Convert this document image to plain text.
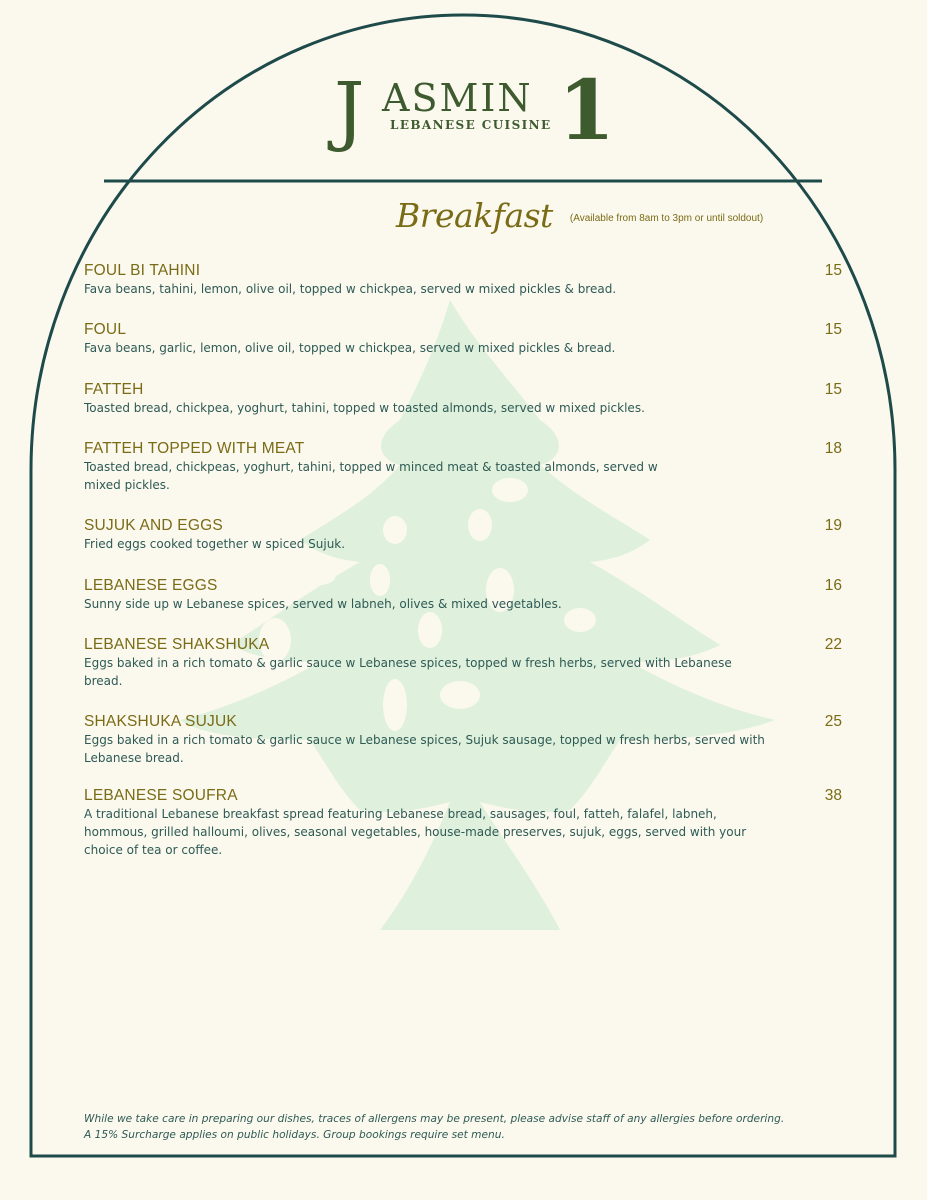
J ASMIN
LEBANESE CUISINE 1
Breakfast $^{(Available from 8am to 3pm or until soldout)}$
FOUL BI TAHINI
Fava beans, tahini, lemon, olive oil, topped w chickpea, served w mixed pickles & bread.
15
FOUL
Fava beans, garlic, lemon, olive oil, topped w chickpea, served w mixed pickles & bread.
15
FATTEH
Toasted bread, chickpea, yoghurt, tahini, topped w toasted almonds, served w mixed pickles.
15
FATTEH TOPPED WITH MEAT
Toasted bread, chickpeas, yoghurt, tahini, topped w minced meat & toasted almonds, served w mixed pickles.
18
SUJUK AND EGGS
Fried eggs cooked together w spiced Sujuk.
19
LEBANESE EGGS
Sunny side up w Lebanese spices, served w labneh, olives & mixed vegetables.
16
LEBANESE SHAKSHUKA
Eggs baked in a rich tomato & garlic sauce w Lebanese spices, topped w fresh herbs, served with Lebanese bread.
22
SHAKSHUKA SUJUK
Eggs baked in a rich tomato & garlic sauce w Lebanese spices, Sujuk sausage, topped w fresh herbs, served with Lebanese bread.
25
LEBANESE SOUFRA
A traditional Lebanese breakfast spread featuring Lebanese bread, sausages, foul, fatteh, falafel, labneh, hommous, grilled halloumi, olives, seasonal vegetables, house-made preserves, sujuk, eggs, served with your choice of tea or coffee.
38
While we take care in preparing our dishes, traces of allergens may be present, please advise staff of any allergies before ordering.
A 15% Surcharge applies on public holidays. Group bookings require set menu.
